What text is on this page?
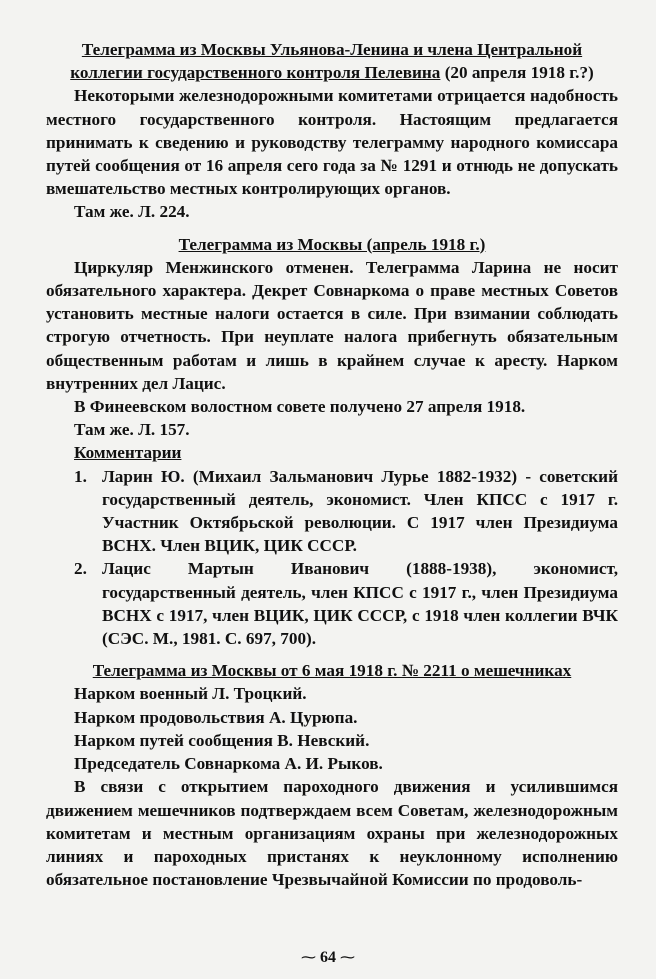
Телеграмма из Москвы Ульянова-Ленина и члена Центральной коллегии государственного контроля Пелевина (20 апреля 1918 г.?)

Некоторыми железнодорожными комитетами отрицается надобность местного государственного контроля. Настоящим предлагается принимать к сведению и руководству телеграмму народного комиссара путей сообщения от 16 апреля сего года за № 1291 и отнюдь не допускать вмешательство местных контролирующих органов.

Там же. Л. 224.

Телеграмма из Москвы (апрель 1918 г.)

Циркуляр Менжинского отменен. Телеграмма Ларина не носит обязательного характера. Декрет Совнаркома о праве местных Советов установить местные налоги остается в силе. При взимании соблюдать строгую отчетность. При неуплате налога прибегнуть обязательным общественным работам и лишь в крайнем случае к аресту. Нарком внутренних дел Лацис.

В Финеевском волостном совете получено 27 апреля 1918.

Там же. Л. 157.

Комментарии

1. Ларин Ю. (Михаил Зальманович Лурье 1882-1932) - советский государственный деятель, экономист. Член КПСС с 1917 г. Участник Октябрьской революции. С 1917 член Президиума ВСНХ. Член ВЦИК, ЦИК СССР.
2. Лацис Мартын Иванович (1888-1938), экономист, государственный деятель, член КПСС с 1917 г., член Президиума ВСНХ с 1917, член ВЦИК, ЦИК СССР, с 1918 член коллегии ВЧК (СЭС. М., 1981. С. 697, 700).

Телеграмма из Москвы от 6 мая 1918 г. № 2211 о мешечниках

Нарком военный Л. Троцкий.

Нарком продовольствия А. Цурюпа.

Нарком путей сообщения В. Невский.

Председатель Совнаркома А. И. Рыков.

В связи с открытием пароходного движения и усилившимся движением мешечников подтверждаем всем Советам, железнодорожным комитетам и местным организациям охраны при железнодорожных линиях и пароходных пристанях к неуклонному исполнению обязательное постановление Чрезвычайной Комиссии по продоволь-

⁓ 64 ⁓
